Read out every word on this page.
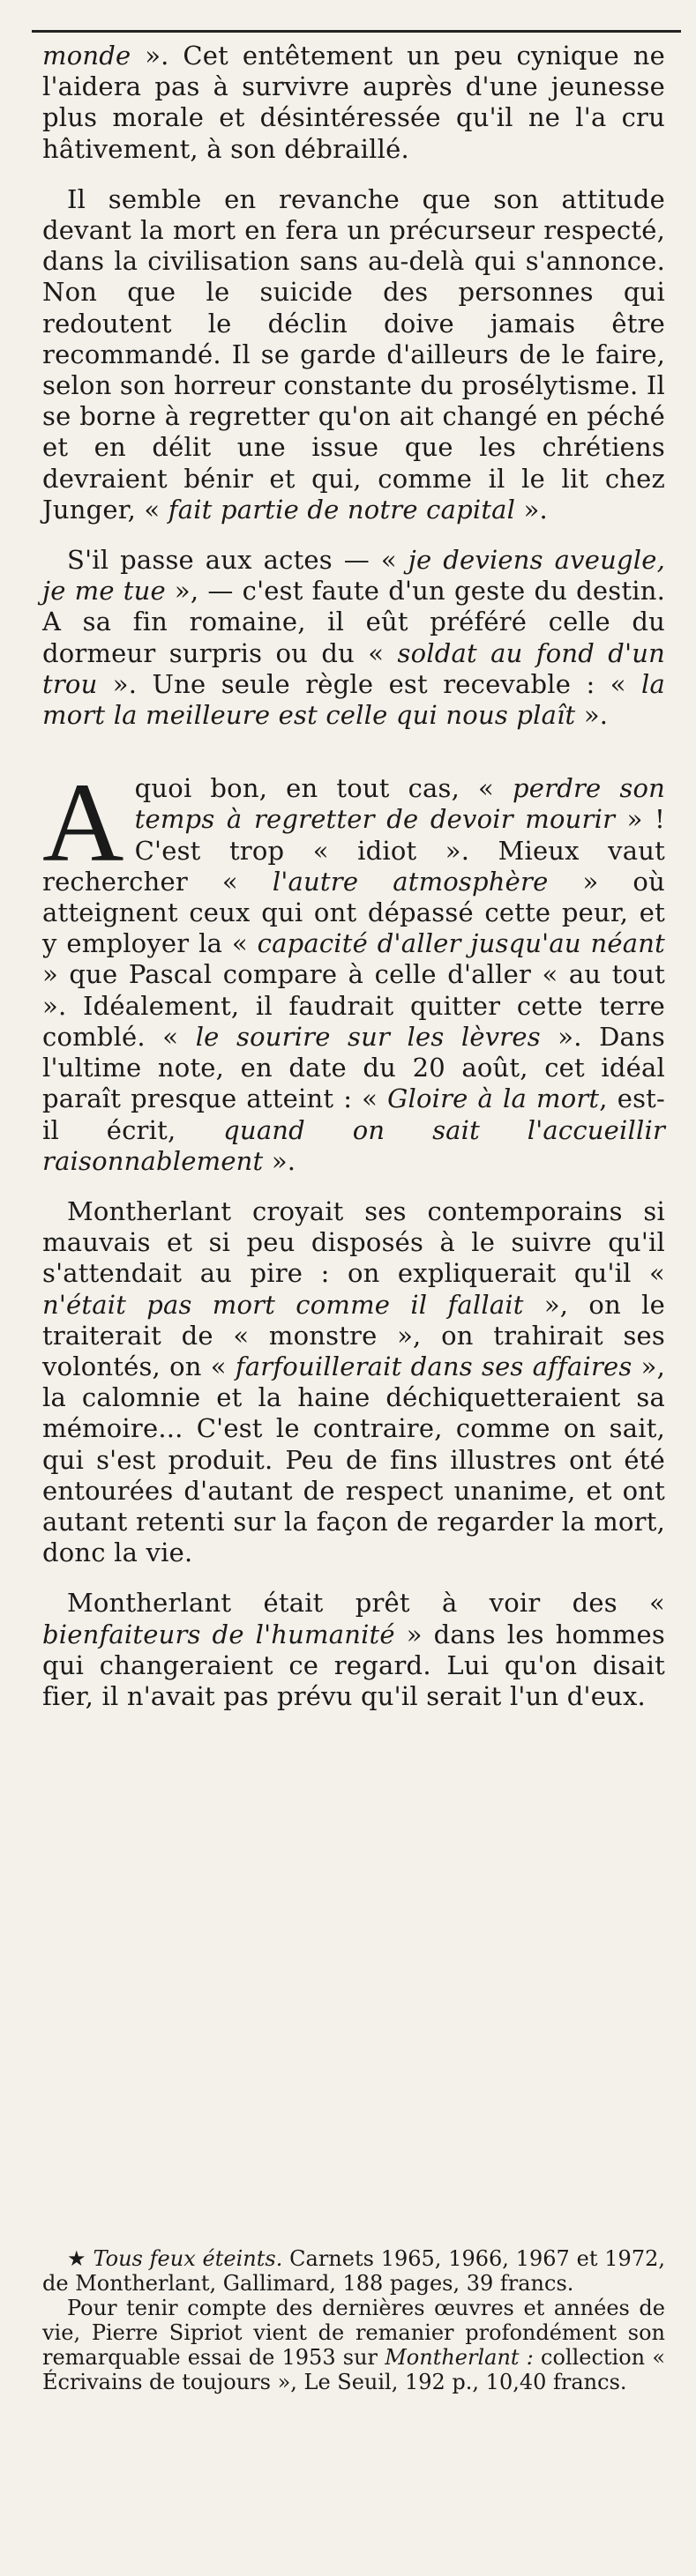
monde ». Cet entêtement un peu cynique ne l'aidera pas à survivre auprès d'une jeunesse plus morale et désintéressée qu'il ne l'a cru hâtivement, à son débraillé.

Il semble en revanche que son attitude devant la mort en fera un précurseur respecté, dans la civilisation sans au-delà qui s'annonce. Non que le suicide des personnes qui redoutent le déclin doive jamais être recommandé. Il se garde d'ailleurs de le faire, selon son horreur constante du prosélytisme. Il se borne à regretter qu'on ait changé en péché et en délit une issue que les chrétiens devraient bénir et qui, comme il le lit chez Junger, « fait partie de notre capital ».

S'il passe aux actes — « je deviens aveugle, je me tue », — c'est faute d'un geste du destin. A sa fin romaine, il eût préféré celle du dormeur surpris ou du « soldat au fond d'un trou ». Une seule règle est recevable : « la mort la meilleure est celle qui nous plaît ».

A quoi bon, en tout cas, « perdre son temps à regretter de devoir mourir » ! C'est trop « idiot ». Mieux vaut rechercher « l'autre atmosphère » où atteignent ceux qui ont dépassé cette peur, et y employer la « capacité d'aller jusqu'au néant » que Pascal compare à celle d'aller « au tout ». Idéalement, il faudrait quitter cette terre comblé. « le sourire sur les lèvres ». Dans l'ultime note, en date du 20 août, cet idéal paraît presque atteint : « Gloire à la mort, est-il écrit, quand on sait l'accueillir raisonnablement ».

Montherlant croyait ses contemporains si mauvais et si peu disposés à le suivre qu'il s'attendait au pire : on expliquerait qu'il « n'était pas mort comme il fallait », on le traiterait de « monstre », on trahirait ses volontés, on « farfouillerait dans ses affaires », la calomnie et la haine déchiquetteraient sa mémoire... C'est le contraire, comme on sait, qui s'est produit. Peu de fins illustres ont été entourées d'autant de respect unanime, et ont autant retenti sur la façon de regarder la mort, donc la vie.

Montherlant était prêt à voir des « bienfaiteurs de l'humanité » dans les hommes qui changeraient ce regard. Lui qu'on disait fier, il n'avait pas prévu qu'il serait l'un d'eux.

★ Tous feux éteints. Carnets 1965, 1966, 1967 et 1972, de Montherlant, Gallimard, 188 pages, 39 francs.

Pour tenir compte des dernières œuvres et années de vie, Pierre Sipriot vient de remanier profondément son remarquable essai de 1953 sur Montherlant : collection « Écrivains de toujours », Le Seuil, 192 p., 10,40 francs.
